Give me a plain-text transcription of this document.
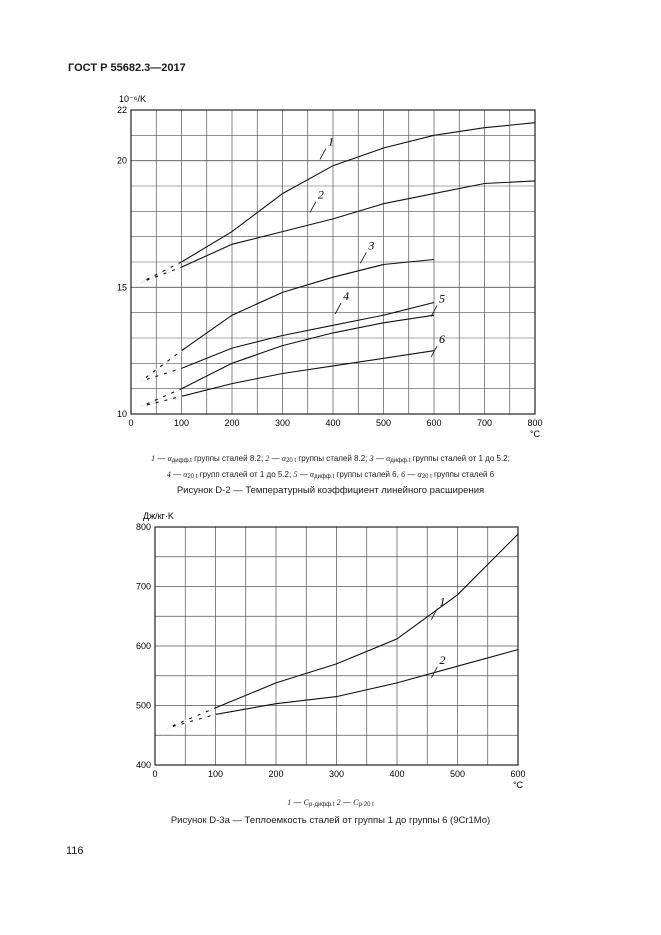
ГОСТ Р 55682.3—2017
0	100	200	300	400	500	600	700	800
°C
10
15
20
22
10⁻⁶/K
1
2
3
4	5
6
0	100	200	300	400	500	600
°C
400
500
600
700
800
Дж/кг·K
1
2
1 — $\alpha_{дифф.t}$ группы сталей 8.2; 2 — $\alpha_{20 t}$ группы сталей 8.2; 3 — $\alpha_{дифф.t}$ группы сталей от 1 до 5.2;
4 — $\alpha_{20 t}$ групп сталей от 1 до 5.2; 5 — $\alpha_{дифф.t}$ группы сталей 6, 6 — $\alpha_{20 t}$ группы сталей 6
Рисунок D-2 — Температурный коэффициент линейного расширения
1 — $C_{p\cdot дифф.t}$ 2 — $C_{p\cdot 20 t}$
Рисунок D-3а — Теплоемкость сталей от группы 1 до группы 6 (9Cr1Mo)
116
